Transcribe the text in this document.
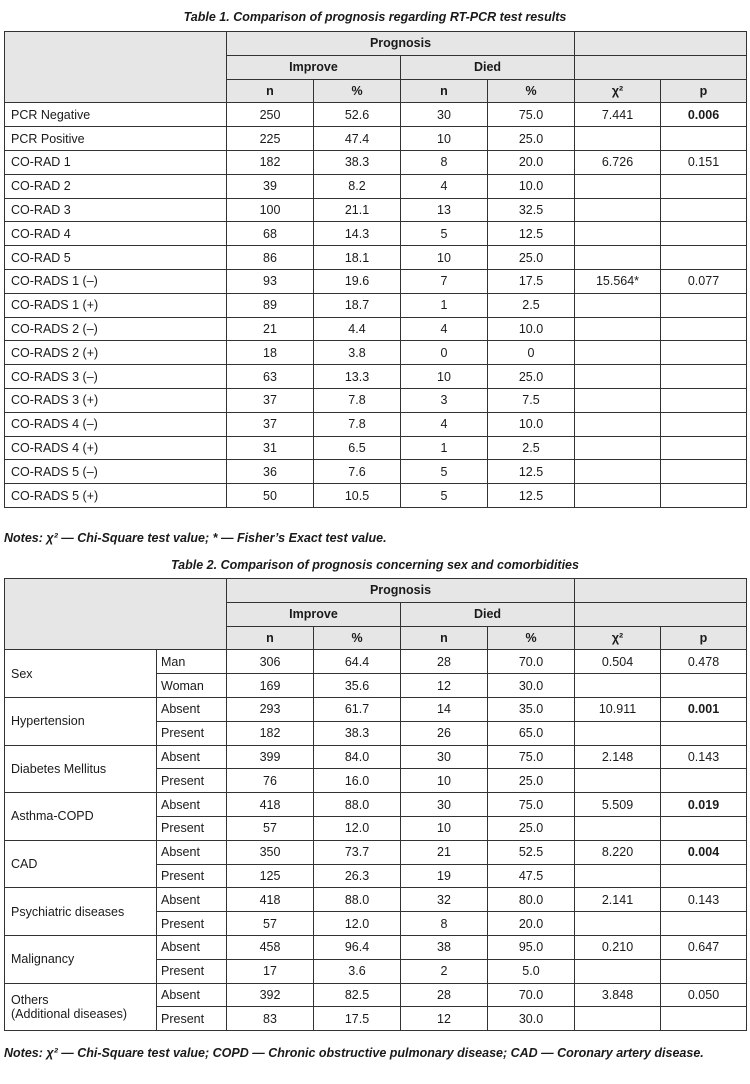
Table 1. Comparison of prognosis regarding RT-PCR test results
	Prognosis					
	Improve		Died			
	n	%	n	%	χ²	p
PCR Negative	250	52.6	30	75.0	7.441	0.006
PCR Positive	225	47.4	10	25.0		
CO-RAD 1	182	38.3	8	20.0	6.726	0.151
CO-RAD 2	39	8.2	4	10.0		
CO-RAD 3	100	21.1	13	32.5		
CO-RAD 4	68	14.3	5	12.5		
CO-RAD 5	86	18.1	10	25.0		
CO-RADS 1 (–)	93	19.6	7	17.5	15.564*	0.077
CO-RADS 1 (+)	89	18.7	1	2.5		
CO-RADS 2 (–)	21	4.4	4	10.0		
CO-RADS 2 (+)	18	3.8	0	0		
CO-RADS 3 (–)	63	13.3	10	25.0		
CO-RADS 3 (+)	37	7.8	3	7.5		
CO-RADS 4 (–)	37	7.8	4	10.0		
CO-RADS 4 (+)	31	6.5	1	2.5		
CO-RADS 5 (–)	36	7.6	5	12.5		
CO-RADS 5 (+)	50	10.5	5	12.5		
Notes: χ² — Chi-Square test value; * — Fisher’s Exact test value.
Table 2. Comparison of prognosis concerning sex and comorbidities
		Prognosis					
		Improve		Died			
		n	%	n	%	χ²	p
Sex	Man	306	64.4	28	70.0	0.504	0.478
	Woman	169	35.6	12	30.0		
Hypertension	Absent	293	61.7	14	35.0	10.911	0.001
	Present	182	38.3	26	65.0		
Diabetes Mellitus	Absent	399	84.0	30	75.0	2.148	0.143
	Present	76	16.0	10	25.0		
Asthma-COPD	Absent	418	88.0	30	75.0	5.509	0.019
	Present	57	12.0	10	25.0		
CAD	Absent	350	73.7	21	52.5	8.220	0.004
	Present	125	26.3	19	47.5		
Psychiatric diseases	Absent	418	88.0	32	80.0	2.141	0.143
	Present	57	12.0	8	20.0		
Malignancy	Absent	458	96.4	38	95.0	0.210	0.647
	Present	17	3.6	2	5.0		
Others
(Additional diseases)	Absent	392	82.5	28	70.0	3.848	0.050
	Present	83	17.5	12	30.0		
Notes: χ² — Chi-Square test value; COPD — Chronic obstructive pulmonary disease; CAD — Coronary artery disease.
